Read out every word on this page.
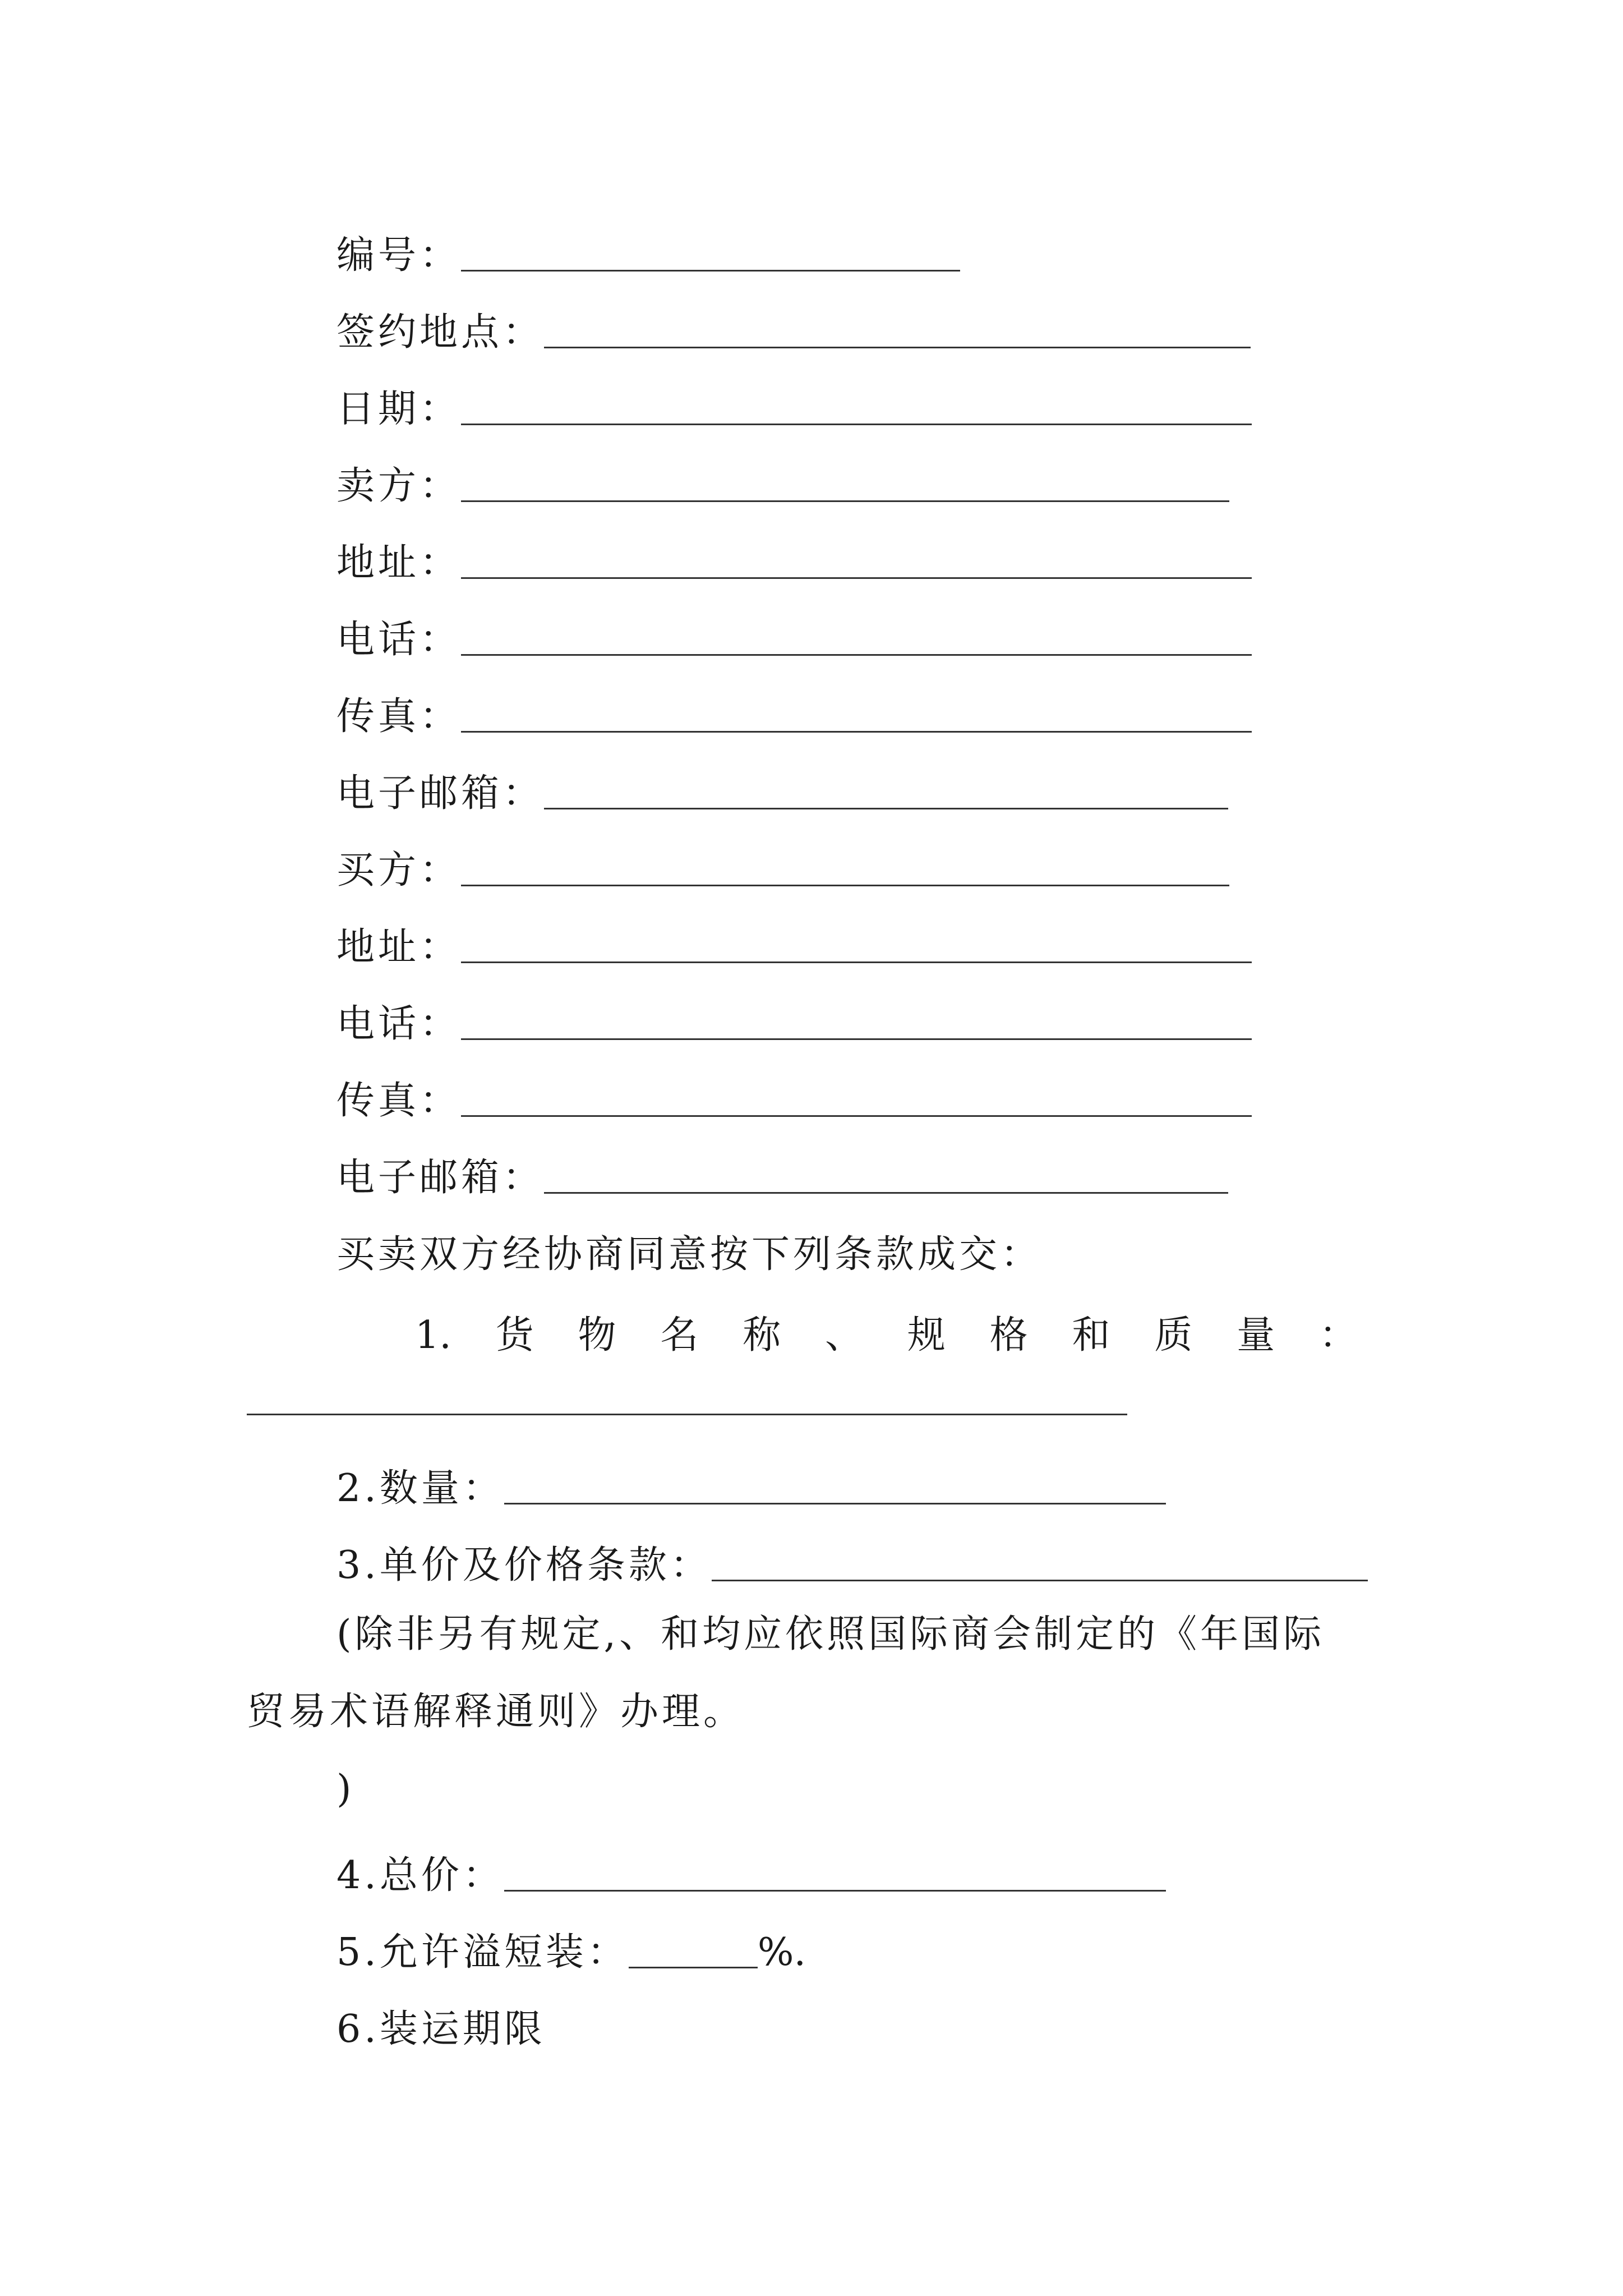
编号：
签约地点：
日期：
卖方：
地址：
电话：
传真：
电子邮箱：
买方：
地址：
电话：
传真：
电子邮箱：
买卖双方经协商同意按下列条款成交：
1. 货 物 名 称 、 规 格 和 质 量 ：
2.数量：
3.单价及价格条款：
(除非另有规定,、和均应依照国际商会制定的《年国际
贸易术语解释通则》办理。
)
4.总价：
5.允许溢短装：	%.
6.装运期限
